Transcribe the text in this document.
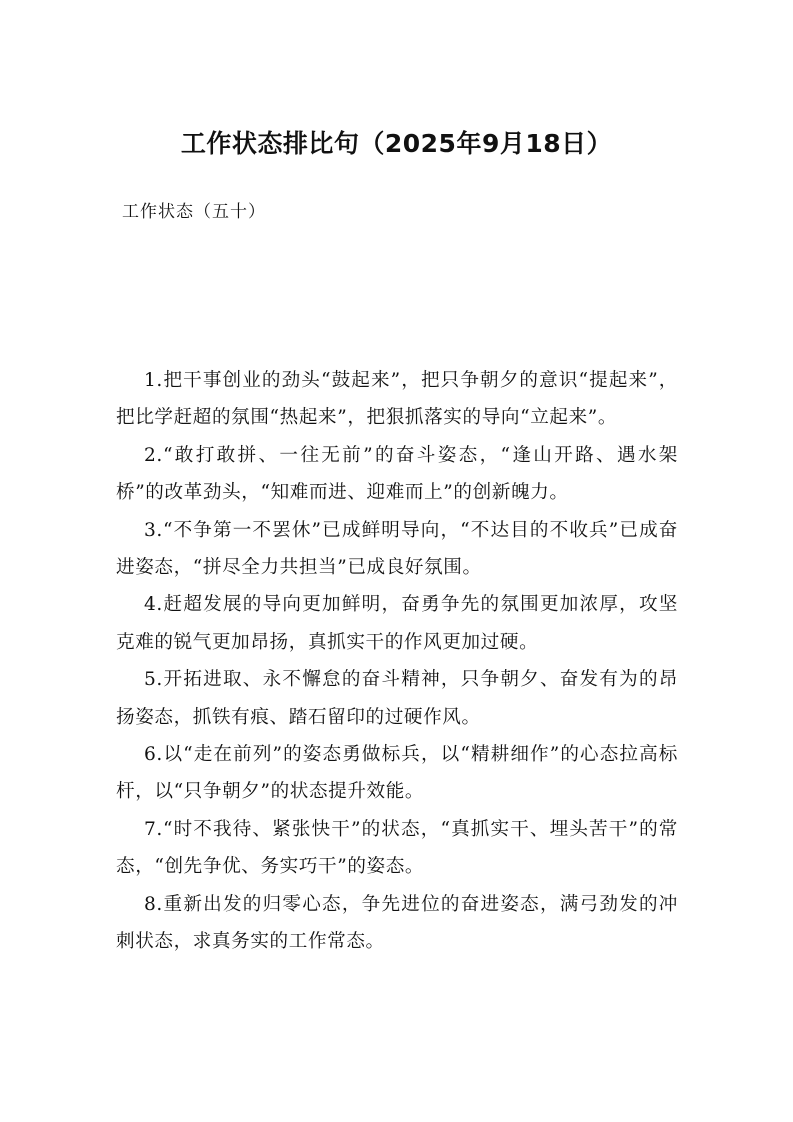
工作状态排比句（2025年9月18日）

工作状态（五十）

1.把干事创业的劲头“鼓起来”，把只争朝夕的意识“提起来”，把比学赶超的氛围“热起来”，把狠抓落实的导向“立起来”。

2.“敢打敢拼、一往无前”的奋斗姿态，“逢山开路、遇水架桥”的改革劲头，“知难而进、迎难而上”的创新魄力。

3.“不争第一不罢休”已成鲜明导向，“不达目的不收兵”已成奋进姿态，“拼尽全力共担当”已成良好氛围。

4.赶超发展的导向更加鲜明，奋勇争先的氛围更加浓厚，攻坚克难的锐气更加昂扬，真抓实干的作风更加过硬。

5.开拓进取、永不懈怠的奋斗精神，只争朝夕、奋发有为的昂扬姿态，抓铁有痕、踏石留印的过硬作风。

6.以“走在前列”的姿态勇做标兵，以“精耕细作”的心态拉高标杆，以“只争朝夕”的状态提升效能。

7.“时不我待、紧张快干”的状态，“真抓实干、埋头苦干”的常态，“创先争优、务实巧干”的姿态。

8.重新出发的归零心态，争先进位的奋进姿态，满弓劲发的冲刺状态，求真务实的工作常态。
